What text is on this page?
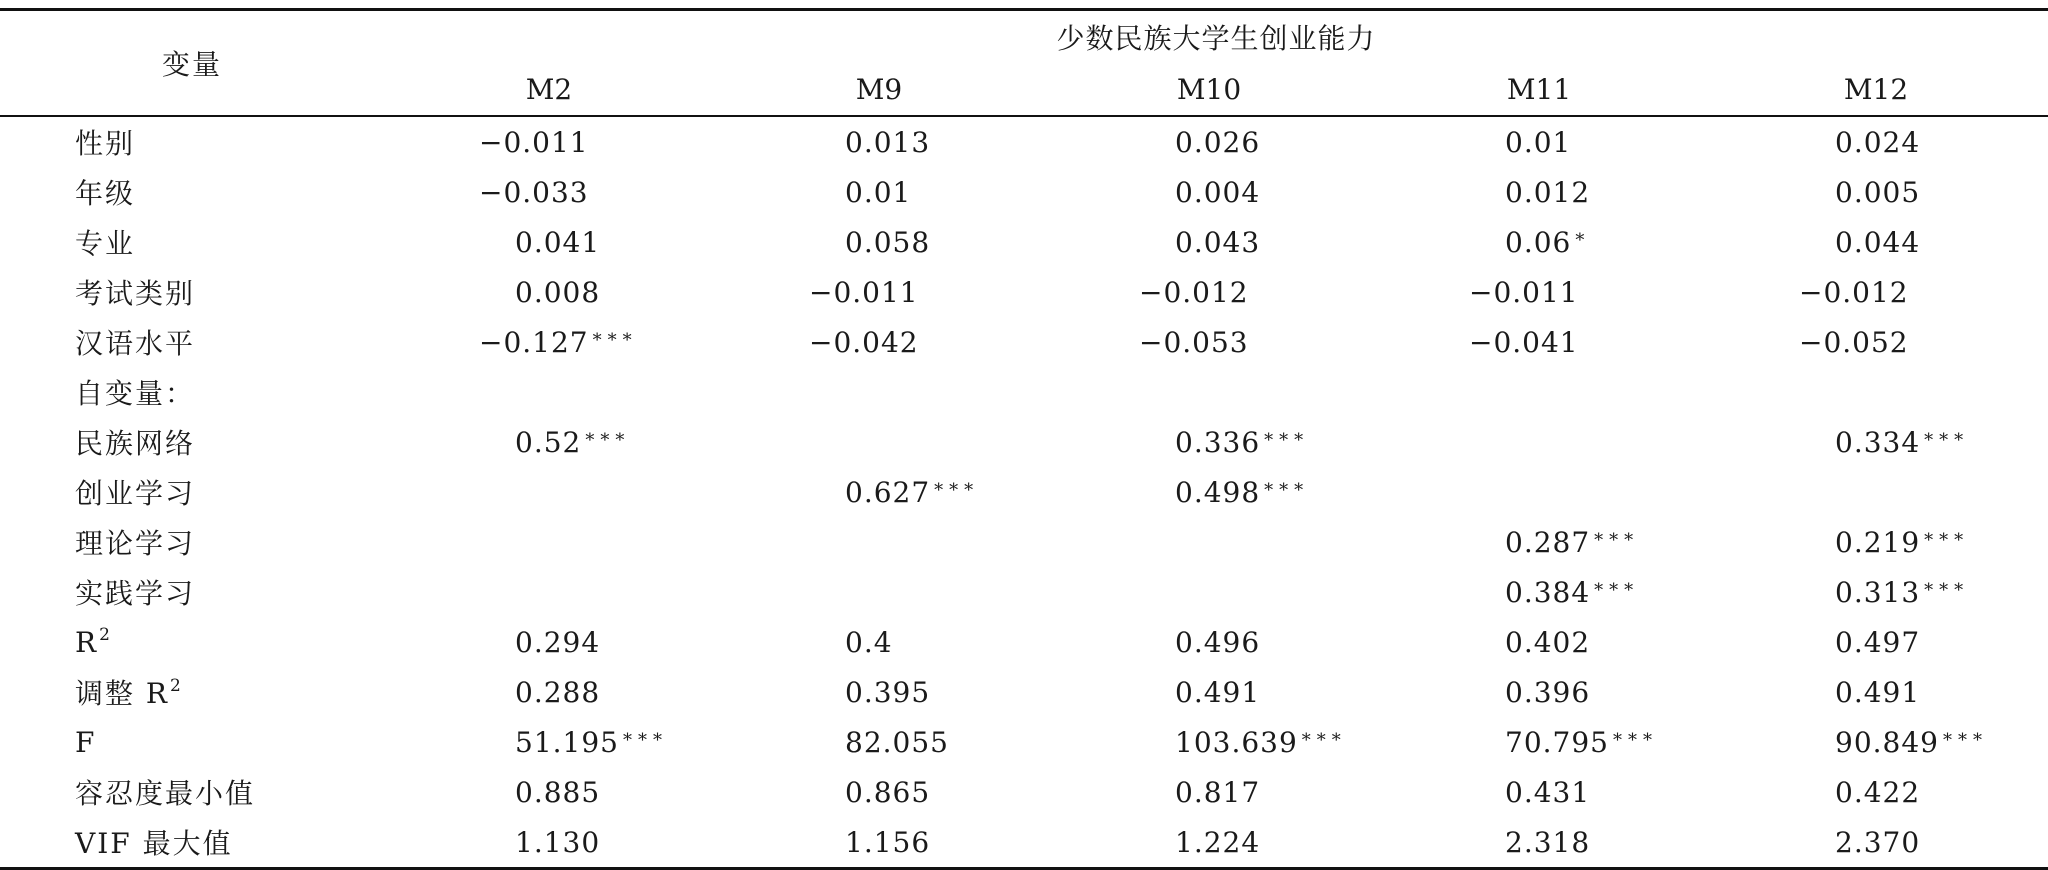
变量	少数民族大学生创业能力				
	M2	M9	M10	M11	M12
性别	−0.011	0.013	0.026	0.01	0.024
年级	−0.033	0.01	0.004	0.012	0.005
专业	0.041	0.058	0.043	0.06 *	0.044
考试类别	0.008	−0.011	−0.012	−0.011	−0.012
汉语水平	−0.127 ***	−0.042	−0.053	−0.041	−0.052
自变量：					
民族网络	0.52 ***		0.336 ***		0.334 ***
创业学习		0.627 ***	0.498 ***		
理论学习				0.287 ***	0.219 ***
实践学习				0.384 ***	0.313 ***
$R^2$	0.294	0.4	0.496	0.402	0.497
调整 $R^2$	0.288	0.395	0.491	0.396	0.491
F	51.195 ***	82.055	103.639 ***	70.795 ***	90.849 ***
容忍度最小值	0.885	0.865	0.817	0.431	0.422
VIF 最大值	1.130	1.156	1.224	2.318	2.370
